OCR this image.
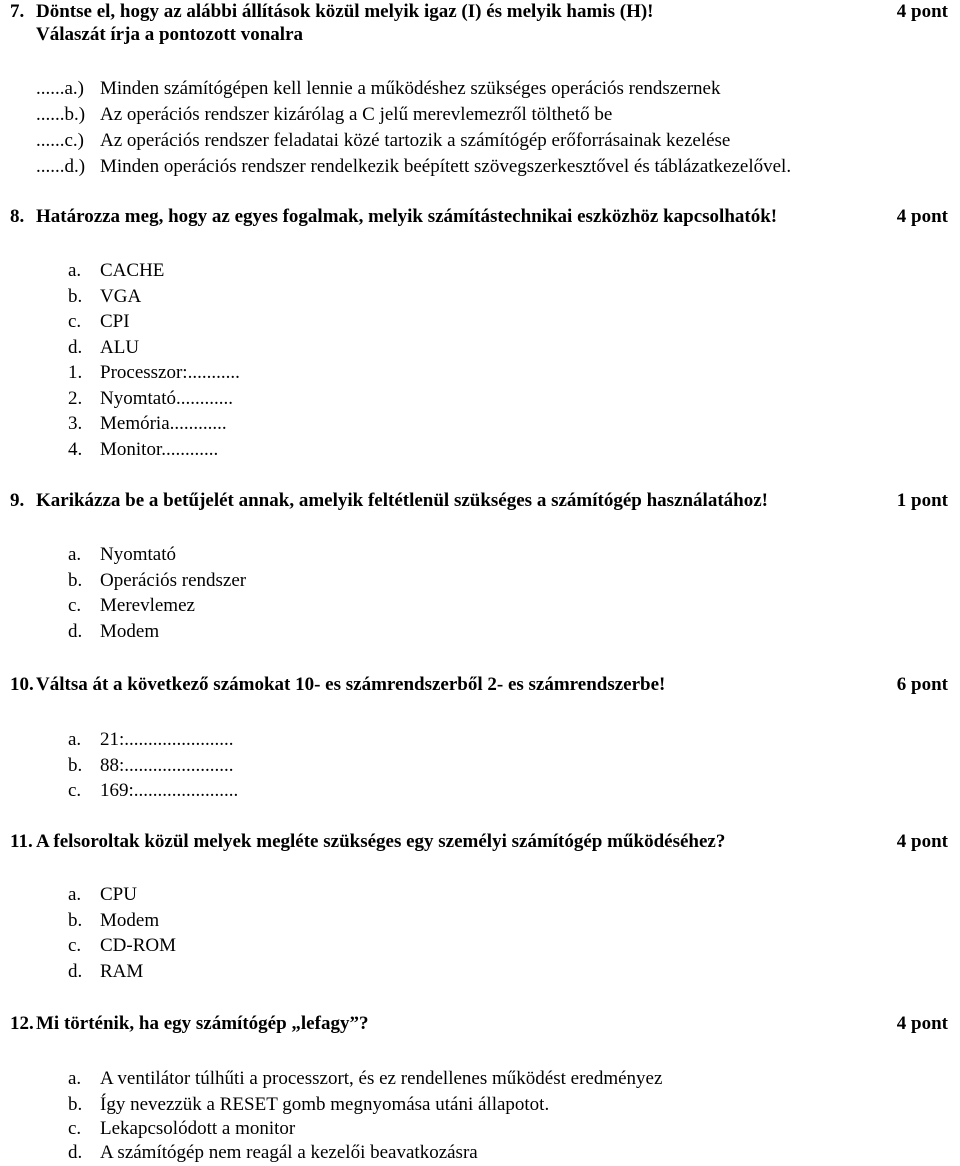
7. Döntse el, hogy az alábbi állítások közül melyik igaz (I) és melyik hamis (H)!	4 pont
Válaszát írja a pontozott vonalra
......a.) Minden számítógépen kell lennie a működéshez szükséges operációs rendszernek
......b.) Az operációs rendszer kizárólag a C jelű merevlemezről tölthető be
......c.) Az operációs rendszer feladatai közé tartozik a számítógép erőforrásainak kezelése
......d.) Minden operációs rendszer rendelkezik beépített szövegszerkesztővel és táblázatkezelővel.
8. Határozza meg, hogy az egyes fogalmak, melyik számítástechnikai eszközhöz kapcsolhatók!	4 pont
a. CACHE
b. VGA
c. CPI
d. ALU
1. Processzor:...........
2. Nyomtató............
3. Memória............
4. Monitor............
9. Karikázza be a betűjelét annak, amelyik feltétlenül szükséges a számítógép használatához!	1 pont
a. Nyomtató
b. Operációs rendszer
c. Merevlemez
d. Modem
10. Váltsa át a következő számokat 10- es számrendszerből 2- es számrendszerbe!	6 pont
a. 21:.......................
b. 88:.......................
c. 169:......................
11. A felsoroltak közül melyek megléte szükséges egy személyi számítógép működéséhez?	4 pont
a. CPU
b. Modem
c. CD-ROM
d. RAM
12. Mi történik, ha egy számítógép „lefagy”?	4 pont
a. A ventilátor túlhűti a processzort, és ez rendellenes működést eredményez
b. Így nevezzük a RESET gomb megnyomása utáni állapotot.
c. Lekapcsolódott a monitor
d. A számítógép nem reagál a kezelői beavatkozásra
